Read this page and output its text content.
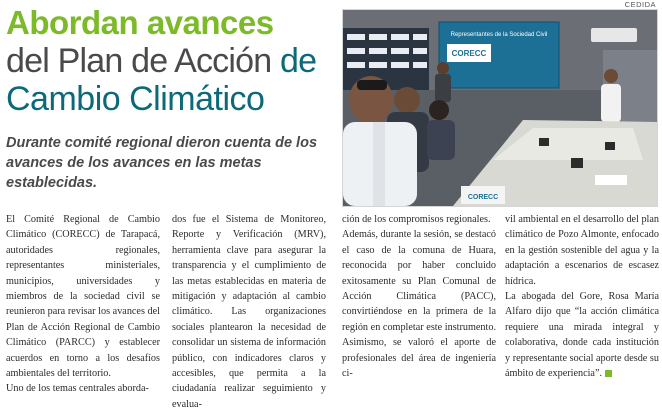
CEDIDA
Abordan avances
del Plan de Acción de
Cambio Climático

Durante comité regional dieron cuenta de los avances de los avances en las metas establecidas.

Representantes de la Sociedad Civil
CORECC
CORECC

El Comité Regional de Cambio Climático (CORECC) de Tarapacá, autoridades regionales, representantes ministeriales, municipios, universidades y miembros de la sociedad civil se reunieron para revisar los avances del Plan de Acción Regional de Cambio Climático (PARCC) y establecer acuerdos en torno a los desafíos ambientales del territorio.

Uno de los temas centrales aborda-

dos fue el Sistema de Monitoreo, Reporte y Verificación (MRV), herramienta clave para asegurar la transparencia y el cumplimiento de las metas establecidas en materia de mitigación y adaptación al cambio climático. Las organizaciones sociales plantearon la necesidad de consolidar un sistema de información público, con indicadores claros y accesibles, que permita a la ciudadanía realizar seguimiento y evalua-

ción de los compromisos regionales.

Además, durante la sesión, se destacó el caso de la comuna de Huara, reconocida por haber concluido exitosamente su Plan Comunal de Acción Climática (PACC), convirtiéndose en la primera de la región en completar este instrumento. Asimismo, se valoró el aporte de profesionales del área de ingeniería ci-

vil ambiental en el desarrollo del plan climático de Pozo Almonte, enfocado en la gestión sostenible del agua y la adaptación a escenarios de escasez hídrica.

La abogada del Gore, Rosa María Alfaro dijo que “la acción climática requiere una mirada integral y colaborativa, donde cada institución y representante social aporte desde su ámbito de experiencia”.
